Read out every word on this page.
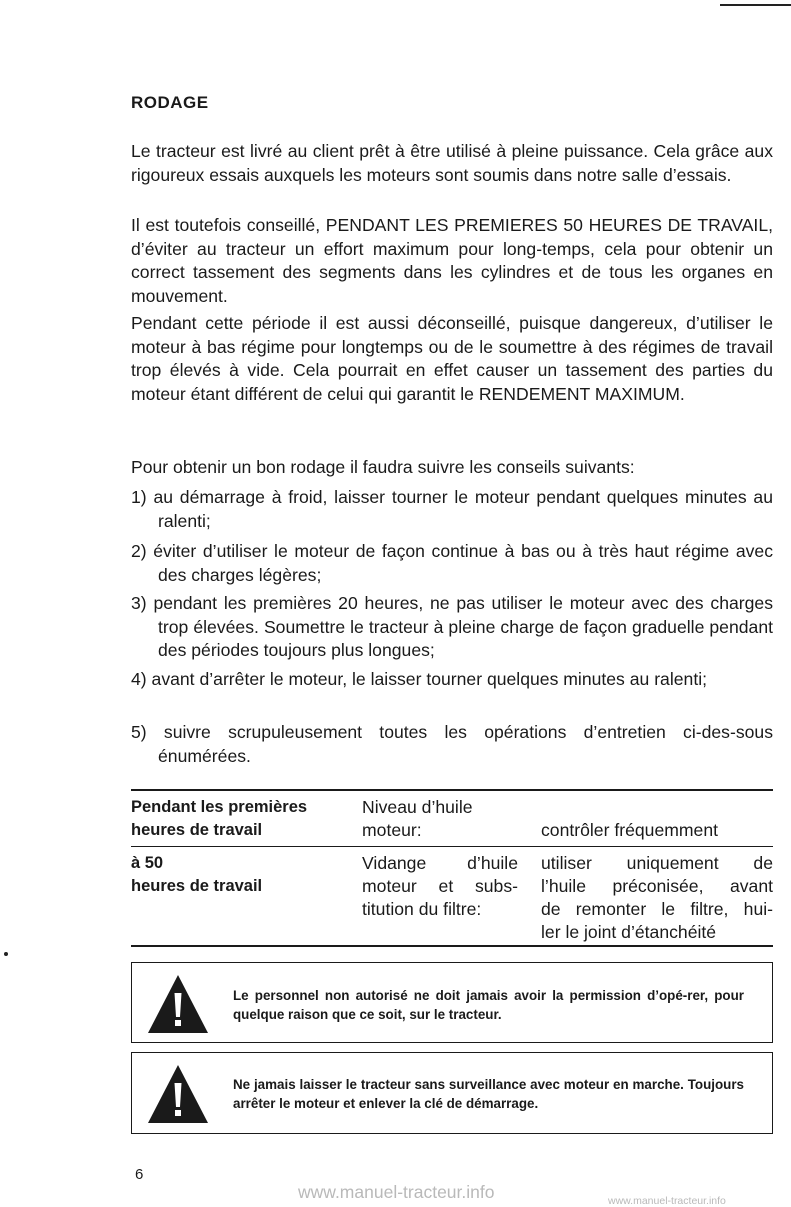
RODAGE
Le tracteur est livré au client prêt à être utilisé à pleine puissance. Cela grâce aux rigoureux essais auxquels les moteurs sont soumis dans notre salle d’essais.
Il est toutefois conseillé, PENDANT LES PREMIERES 50 HEURES DE TRAVAIL, d’éviter au tracteur un effort maximum pour long-temps, cela pour obtenir un correct tassement des segments dans les cylindres et de tous les organes en mouvement.
Pendant cette période il est aussi déconseillé, puisque dangereux, d’utiliser le moteur à bas régime pour longtemps ou de le soumettre à des régimes de travail trop élevés à vide. Cela pourrait en effet causer un tassement des parties du moteur étant différent de celui qui garantit le RENDEMENT MAXIMUM.
Pour obtenir un bon rodage il faudra suivre les conseils suivants:
1) au démarrage à froid, laisser tourner le moteur pendant quelques minutes au ralenti;
2) éviter d’utiliser le moteur de façon continue à bas ou à très haut régime avec des charges légères;
3) pendant les premières 20 heures, ne pas utiliser le moteur avec des charges trop élevées. Soumettre le tracteur à pleine charge de façon graduelle pendant des périodes toujours plus longues;
4) avant d’arrêter le moteur, le laisser tourner quelques minutes au ralenti;
5) suivre scrupuleusement toutes les opérations d’entretien ci-des-sous énumérées.
Pendant les premières
heures de travail
Niveau d’huile
moteur:	contrôler fréquemment
à 50
heures de travail
Vidange d’huile
moteur et subs-
titution du filtre:
utiliser uniquement de
l’huile préconisée, avant
de remonter le filtre, hui-
ler le joint d’étanchéité
Le personnel non autorisé ne doit jamais avoir la permission d’opé-rer, pour quelque raison que ce soit, sur le tracteur.
Ne jamais laisser le tracteur sans surveillance avec moteur en marche. Toujours arrêter le moteur et enlever la clé de démarrage.
6
www.manuel-tracteur.info	www.manuel-tracteur.info
